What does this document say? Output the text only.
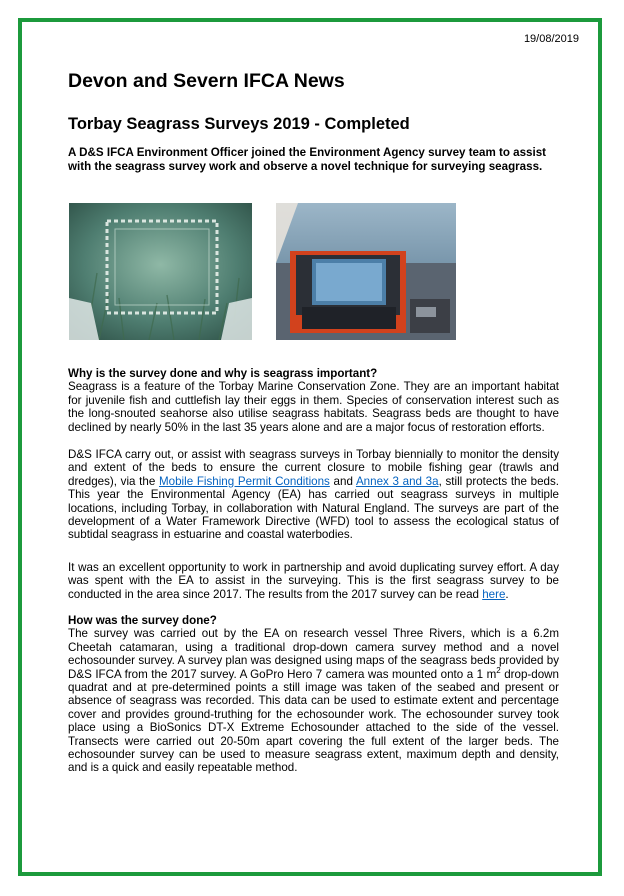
19/08/2019
Devon and Severn IFCA News
Torbay Seagrass Surveys 2019 - Completed
A D&S IFCA Environment Officer joined the Environment Agency survey team to assist with the seagrass survey work and observe a novel technique for surveying seagrass.

Why is the survey done and why is seagrass important?

Seagrass is a feature of the Torbay Marine Conservation Zone. They are an important habitat for juvenile fish and cuttlefish lay their eggs in them. Species of conservation interest such as the long-snouted seahorse also utilise seagrass habitats. Seagrass beds are thought to have declined by nearly 50% in the last 35 years alone and are a major focus of restoration efforts.

D&S IFCA carry out, or assist with seagrass surveys in Torbay biennially to monitor the density and extent of the beds to ensure the current closure to mobile fishing gear (trawls and dredges), via the Mobile Fishing Permit Conditions and Annex 3 and 3a, still protects the beds. This year the Environmental Agency (EA) has carried out seagrass surveys in multiple locations, including Torbay, in collaboration with Natural England. The surveys are part of the development of a Water Framework Directive (WFD) tool to assess the ecological status of subtidal seagrass in estuarine and coastal waterbodies.

It was an excellent opportunity to work in partnership and avoid duplicating survey effort. A day was spent with the EA to assist in the surveying. This is the first seagrass survey to be conducted in the area since 2017. The results from the 2017 survey can be read here.

How was the survey done?

The survey was carried out by the EA on research vessel Three Rivers, which is a 6.2m Cheetah catamaran, using a traditional drop-down camera survey method and a novel echosounder survey. A survey plan was designed using maps of the seagrass beds provided by D&S IFCA from the 2017 survey. A GoPro Hero 7 camera was mounted onto a 1 $m^2$ drop-down quadrat and at pre-determined points a still image was taken of the seabed and present or absence of seagrass was recorded. This data can be used to estimate extent and percentage cover and provides ground-truthing for the echosounder work. The echosounder survey took place using a BioSonics DT-X Extreme Echosounder attached to the side of the vessel. Transects were carried out 20-50m apart covering the full extent of the larger beds. The echosounder survey can be used to measure seagrass extent, maximum depth and density, and is a quick and easily repeatable method.
